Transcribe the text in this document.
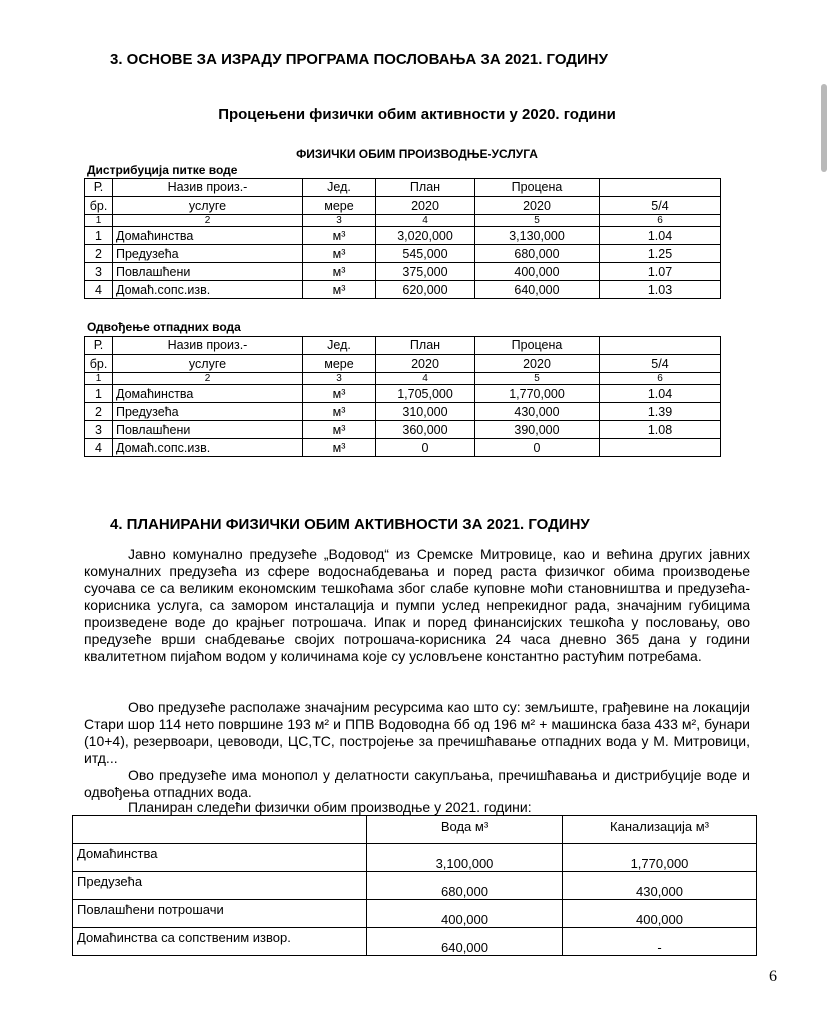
3. ОСНОВЕ ЗА ИЗРАДУ ПРОГРАМА ПОСЛОВАЊА ЗА 2021. ГОДИНУ
Процењени физички обим активности у 2020. години
ФИЗИЧКИ ОБИМ ПРОИЗВОДЊЕ-УСЛУГА
Дистрибуција питке воде
Р.	Назив произ.-	Јед.	План	Процена	
бр.	услуге	мере	2020	2020	5/4
1	2	3	4	5	6
1	Домаћинства	м³	3,020,000	3,130,000	1.04
2	Предузећа	м³	545,000	680,000	1.25
3	Повлашћени	м³	375,000	400,000	1.07
4	Домаћ.сопс.изв.	м³	620,000	640,000	1.03
Одвођење отпадних вода
Р.	Назив произ.-	Јед.	План	Процена	
бр.	услуге	мере	2020	2020	5/4
1	2	3	4	5	6
1	Домаћинства	м³	1,705,000	1,770,000	1.04
2	Предузећа	м³	310,000	430,000	1.39
3	Повлашћени	м³	360,000	390,000	1.08
4	Домаћ.сопс.изв.	м³	0	0	
4. ПЛАНИРАНИ ФИЗИЧКИ ОБИМ АКТИВНОСТИ ЗА 2021. ГОДИНУ

Јавно комунално предузеће „Водовод“ из Сремске Митровице, као и већина других јавних комуналних предузећа из сфере водоснабдевања и поред раста физичког обима производење суочава се са великим економским тешкоћама због слабе куповне моћи становништва и предузећа-корисника услуга, са замором инсталација и пумпи услед непрекидног рада, значајним губицима произведене воде до крајњег потрошача. Ипак и поред финансијских тешкоћа у пословању, ово предузеће врши снабдевање својих потрошача-корисника 24 часа дневно 365 дана у години квалитетном пијаћом водом у количинама које су условљене константно растућим потребама.

Ово предузеће располаже значајним ресурсима као што су: земљиште, грађевине на локацији Стари шор 114 нето површине 193 м² и ППВ Водоводна бб од 196 м² + машинска база 433 м², бунари (10+4), резервоари, цевоводи, ЦС,ТС, постројење за пречишћавање отпадних вода у М. Митровици, итд...

Ово предузеће има монопол у делатности сакупљања, пречишћавања и дистрибуције воде и одвођења отпадних вода.

Планиран следећи физички обим производње у 2021. години:

	Вода м³	Канализација м³
Домаћинства	3,100,000	1,770,000
Предузећа	680,000	430,000
Повлашћени потрошачи	400,000	400,000
Домаћинства са сопственим извор.	640,000	-
6
